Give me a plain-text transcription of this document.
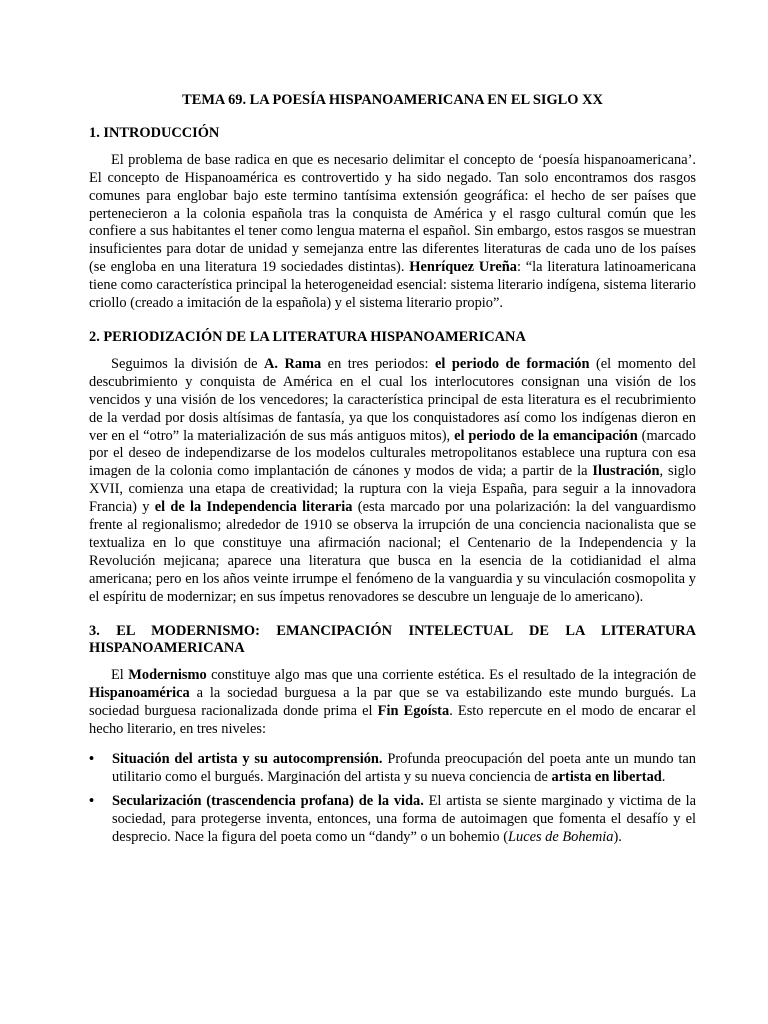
TEMA 69. LA POESÍA HISPANOAMERICANA EN EL SIGLO XX
1. INTRODUCCIÓN

El problema de base radica en que es necesario delimitar el concepto de ‘poesía hispanoamericana’. El concepto de Hispanoamérica es controvertido y ha sido negado. Tan solo encontramos dos rasgos comunes para englobar bajo este termino tantísima extensión geográfica: el hecho de ser países que pertenecieron a la colonia española tras la conquista de América y el rasgo cultural común que les confiere a sus habitantes el tener como lengua materna el español. Sin embargo, estos rasgos se muestran insuficientes para dotar de unidad y semejanza entre las diferentes literaturas de cada uno de los países (se engloba en una literatura 19 sociedades distintas). Henríquez Ureña: “la literatura latinoamericana tiene como característica principal la heterogeneidad esencial: sistema literario indígena, sistema literario criollo (creado a imitación de la española) y el sistema literario propio”.

2. PERIODIZACIÓN DE LA LITERATURA HISPANOAMERICANA

Seguimos la división de A. Rama en tres periodos: el periodo de formación (el momento del descubrimiento y conquista de América en el cual los interlocutores consignan una visión de los vencidos y una visión de los vencedores; la característica principal de esta literatura es el recubrimiento de la verdad por dosis altísimas de fantasía, ya que los conquistadores así como los indígenas dieron en ver en el “otro” la materialización de sus más antiguos mitos), el periodo de la emancipación (marcado por el deseo de independizarse de los modelos culturales metropolitanos establece una ruptura con esa imagen de la colonia como implantación de cánones y modos de vida; a partir de la Ilustración, siglo XVII, comienza una etapa de creatividad; la ruptura con la vieja España, para seguir a la innovadora Francia) y el de la Independencia literaria (esta marcado por una polarización: la del vanguardismo frente al regionalismo; alrededor de 1910 se observa la irrupción de una conciencia nacionalista que se textualiza en lo que constituye una afirmación nacional; el Centenario de la Independencia y la Revolución mejicana; aparece una literatura que busca en la esencia de la cotidianidad el alma americana; pero en los años veinte irrumpe el fenómeno de la vanguardia y su vinculación cosmopolita y el espíritu de modernizar; en sus ímpetus renovadores se descubre un lenguaje de lo americano).

3. EL MODERNISMO: EMANCIPACIÓN INTELECTUAL DE LA LITERATURA HISPANOAMERICANA

El Modernismo constituye algo mas que una corriente estética. Es el resultado de la integración de Hispanoamérica a la sociedad burguesa a la par que se va estabilizando este mundo burgués. La sociedad burguesa racionalizada donde prima el Fin Egoísta. Esto repercute en el modo de encarar el hecho literario, en tres niveles:

• Situación del artista y su autocomprensión. Profunda preocupación del poeta ante un mundo tan utilitario como el burgués. Marginación del artista y su nueva conciencia de artista en libertad.
• Secularización (trascendencia profana) de la vida. El artista se siente marginado y victima de la sociedad, para protegerse inventa, entonces, una forma de autoimagen que fomenta el desafío y el desprecio. Nace la figura del poeta como un “dandy” o un bohemio (Luces de Bohemia).
